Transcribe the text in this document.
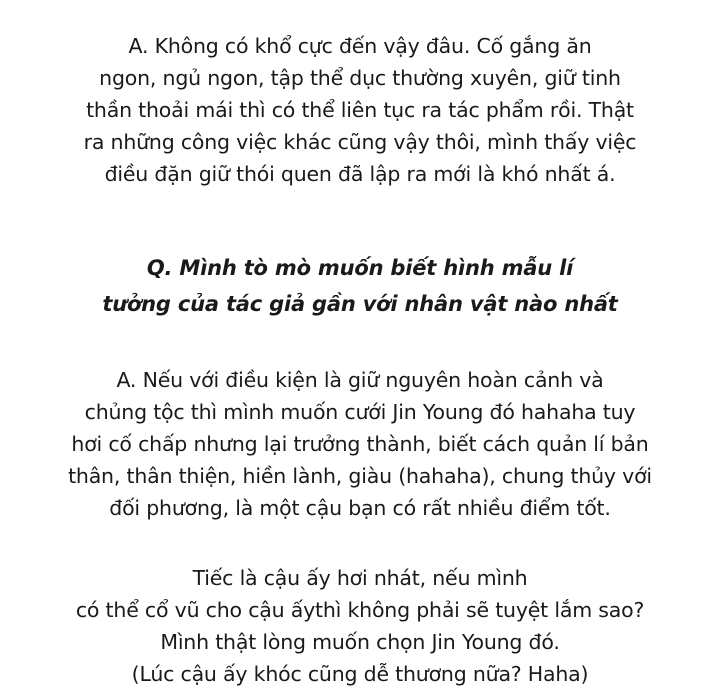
A. Không có khổ cực đến vậy đâu. Cố gắng ăn
ngon, ngủ ngon, tập thể dục thường xuyên, giữ tinh
thần thoải mái thì có thể liên tục ra tác phẩm rồi. Thật
ra những công việc khác cũng vậy thôi, mình thấy việc
điều đặn giữ thói quen đã lập ra mới là khó nhất á.
Q. Mình tò mò muốn biết hình mẫu lí
tưởng của tác giả gần với nhân vật nào nhất
A. Nếu với điều kiện là giữ nguyên hoàn cảnh và
chủng tộc thì mình muốn cưới Jin Young đó hahaha tuy
hơi cố chấp nhưng lại trưởng thành, biết cách quản lí bản
thân, thân thiện, hiền lành, giàu (hahaha), chung thủy với
đối phương, là một cậu bạn có rất nhiều điểm tốt.
Tiếc là cậu ấy hơi nhát, nếu mình
có thể cổ vũ cho cậu ấythì không phải sẽ tuyệt lắm sao?
Mình thật lòng muốn chọn Jin Young đó.
(Lúc cậu ấy khóc cũng dễ thương nữa? Haha)
